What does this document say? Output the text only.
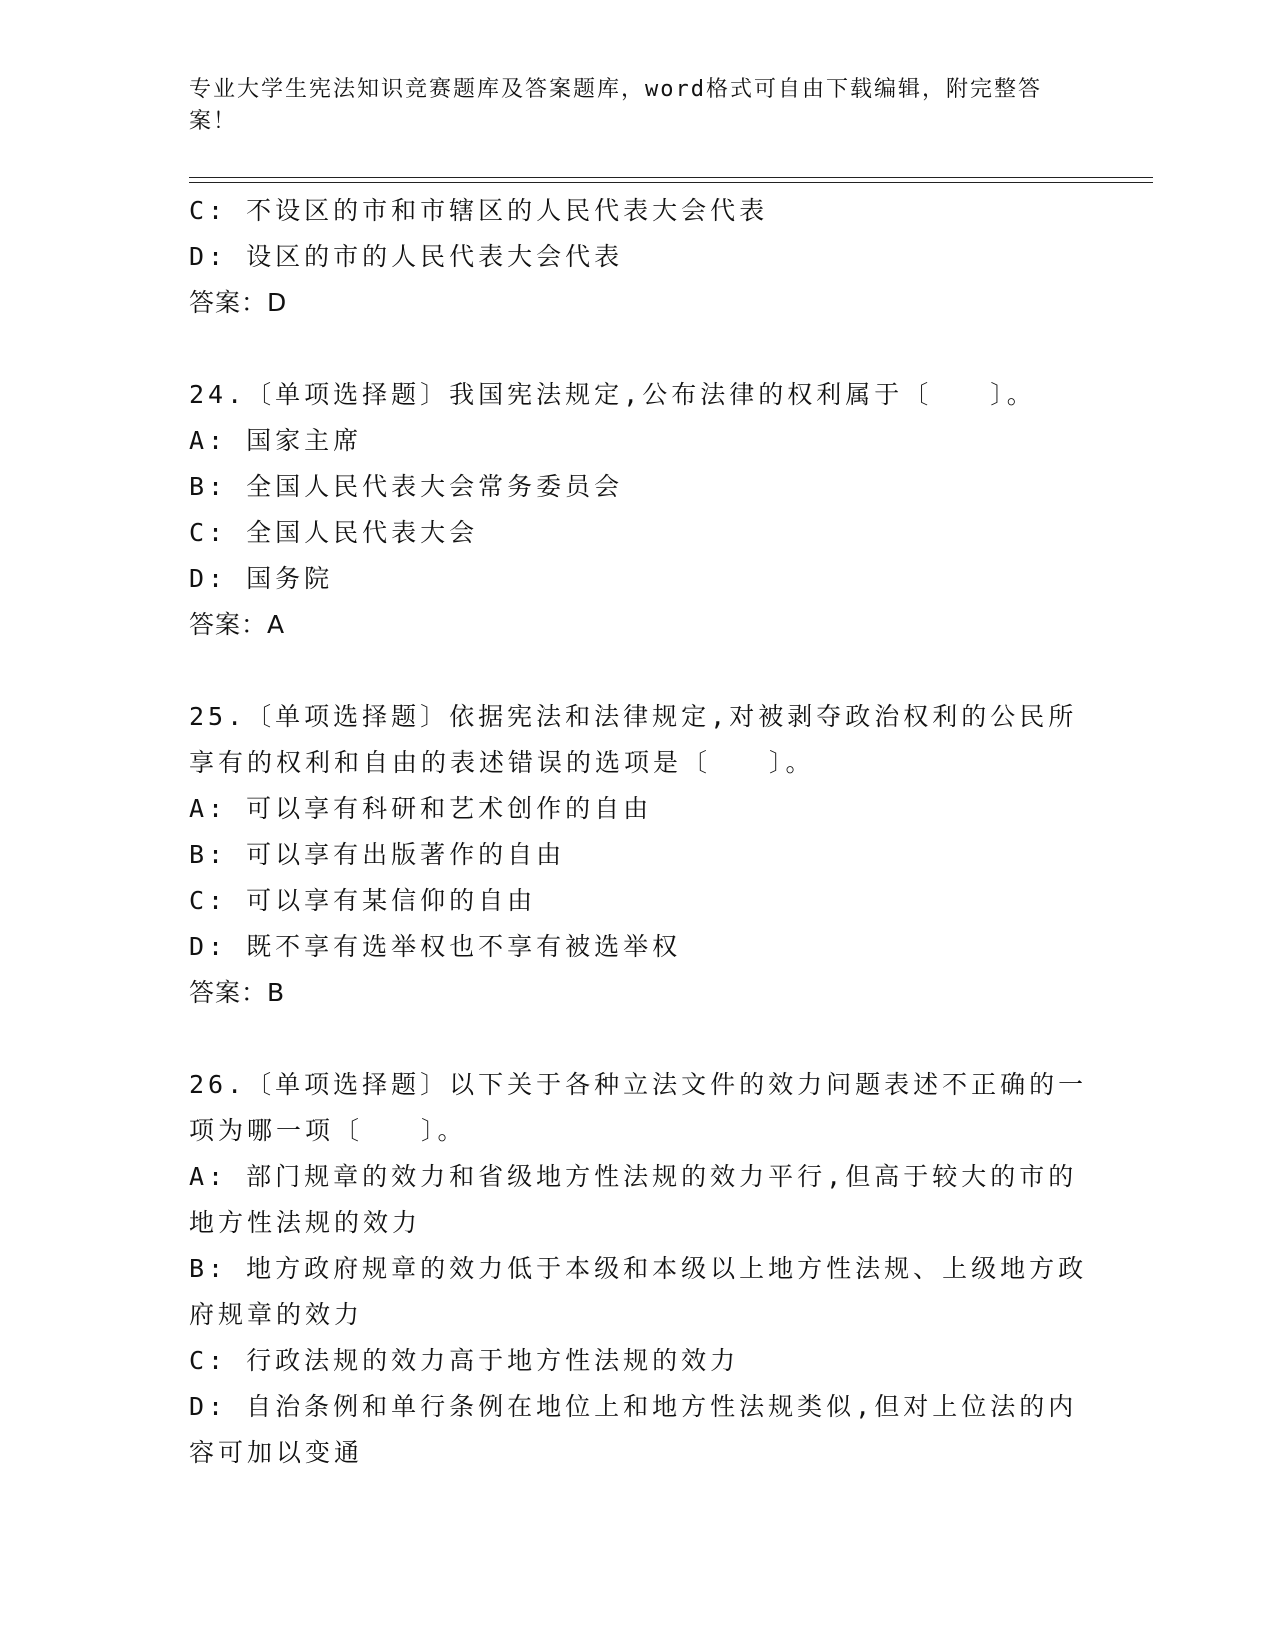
专业大学生宪法知识竞赛题库及答案题库，word格式可自由下载编辑，附完整答案！
C: 不设区的市和市辖区的人民代表大会代表
D: 设区的市的人民代表大会代表
答案：D
24.〔单项选择题〕我国宪法规定,公布法律的权利属于〔　　〕。
A: 国家主席
B: 全国人民代表大会常务委员会
C: 全国人民代表大会
D: 国务院
答案：A
25.〔单项选择题〕依据宪法和法律规定,对被剥夺政治权利的公民所
享有的权利和自由的表述错误的选项是〔　　〕。
A: 可以享有科研和艺术创作的自由
B: 可以享有出版著作的自由
C: 可以享有某信仰的自由
D: 既不享有选举权也不享有被选举权
答案：B
26.〔单项选择题〕以下关于各种立法文件的效力问题表述不正确的一
项为哪一项〔　　〕。
A: 部门规章的效力和省级地方性法规的效力平行,但高于较大的市的
地方性法规的效力
B: 地方政府规章的效力低于本级和本级以上地方性法规、上级地方政
府规章的效力
C: 行政法规的效力高于地方性法规的效力
D: 自治条例和单行条例在地位上和地方性法规类似,但对上位法的内
容可加以变通
